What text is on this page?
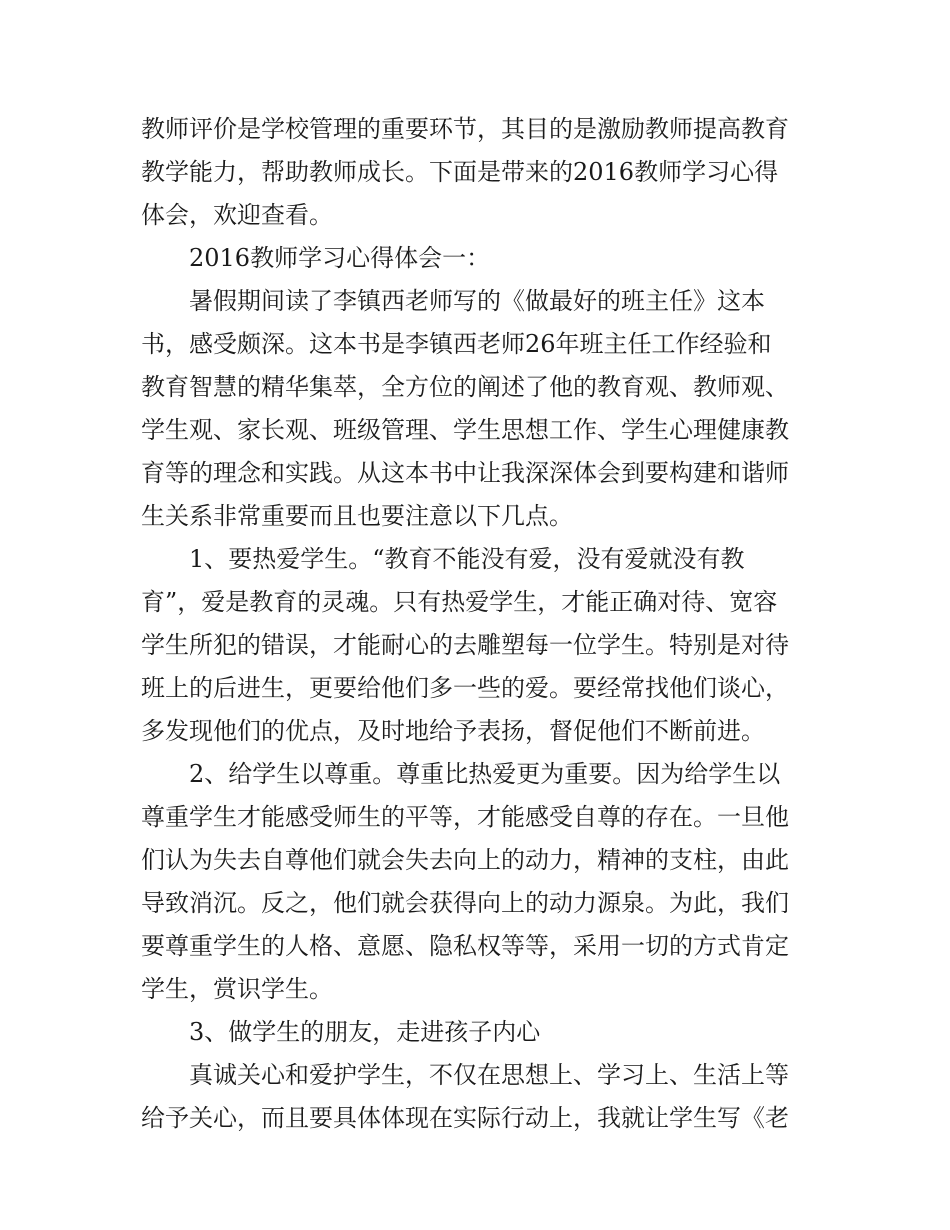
教师评价是学校管理的重要环节，其目的是激励教师提高教育
教学能力，帮助教师成长。下面是带来的2016教师学习心得
体会，欢迎查看。
2016教师学习心得体会一：
暑假期间读了李镇西老师写的《做最好的班主任》这本
书，感受颇深。这本书是李镇西老师26年班主任工作经验和
教育智慧的精华集萃，全方位的阐述了他的教育观、教师观、
学生观、家长观、班级管理、学生思想工作、学生心理健康教
育等的理念和实践。从这本书中让我深深体会到要构建和谐师
生关系非常重要而且也要注意以下几点。
1、要热爱学生。“教育不能没有爱，没有爱就没有教
育”，爱是教育的灵魂。只有热爱学生，才能正确对待、宽容
学生所犯的错误，才能耐心的去雕塑每一位学生。特别是对待
班上的后进生，更要给他们多一些的爱。要经常找他们谈心，
多发现他们的优点，及时地给予表扬，督促他们不断前进。
2、给学生以尊重。尊重比热爱更为重要。因为给学生以
尊重学生才能感受师生的平等，才能感受自尊的存在。一旦他
们认为失去自尊他们就会失去向上的动力，精神的支柱，由此
导致消沉。反之，他们就会获得向上的动力源泉。为此，我们
要尊重学生的人格、意愿、隐私权等等，采用一切的方式肯定
学生，赏识学生。
3、做学生的朋友，走进孩子内心
真诚关心和爱护学生，不仅在思想上、学习上、生活上等
给予关心，而且要具体体现在实际行动上，我就让学生写《老
